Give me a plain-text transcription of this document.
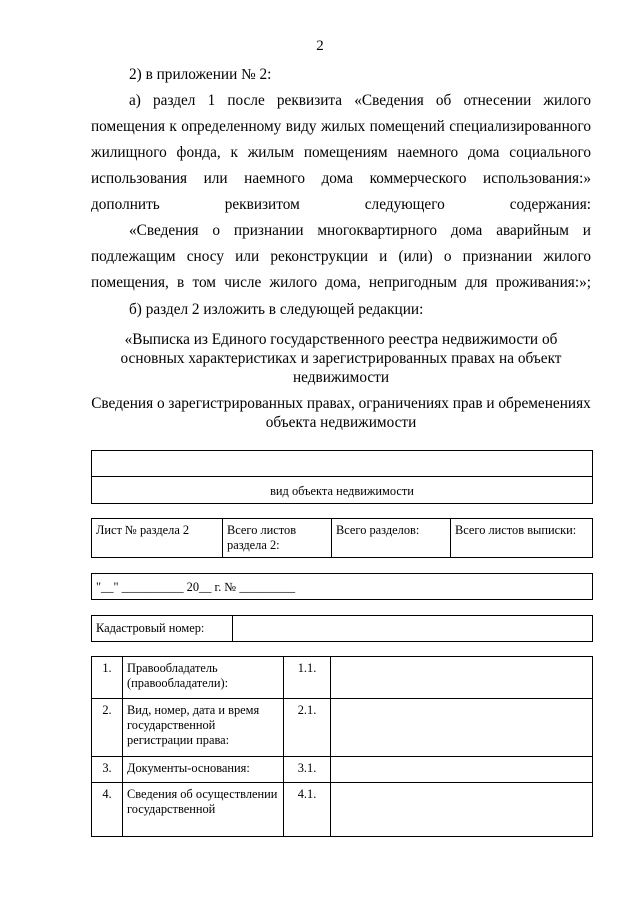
2
2) в приложении № 2:
а) раздел 1 после реквизита «Сведения об отнесении жилого помещения к определенному виду жилых помещений специализированного жилищного фонда, к жилым помещениям наемного дома социального использования или наемного дома коммерческого использования:» дополнить реквизитом следующего содержания:
«Сведения о признании многоквартирного дома аварийным и подлежащим сносу или реконструкции и (или) о признании жилого помещения, в том числе жилого дома, непригодным для проживания:»;
б) раздел 2 изложить в следующей редакции:
«Выписка из Единого государственного реестра недвижимости об основных характеристиках и зарегистрированных правах на объект недвижимости
Сведения о зарегистрированных правах, ограничениях прав и обременениях объекта недвижимости
вид объекта недвижимости
Лист № раздела 2	Всего листов раздела 2:	Всего разделов:	Всего листов выписки:
"__" __________ 20__ г. № _________
Кадастровый номер:	
1.	Правообладатель (правообладатели):	1.1.	
2.	Вид, номер, дата и время государственной регистрации права:	2.1.	
3.	Документы-основания:	3.1.	
4.	Сведения об осуществлении государственной	4.1.	
